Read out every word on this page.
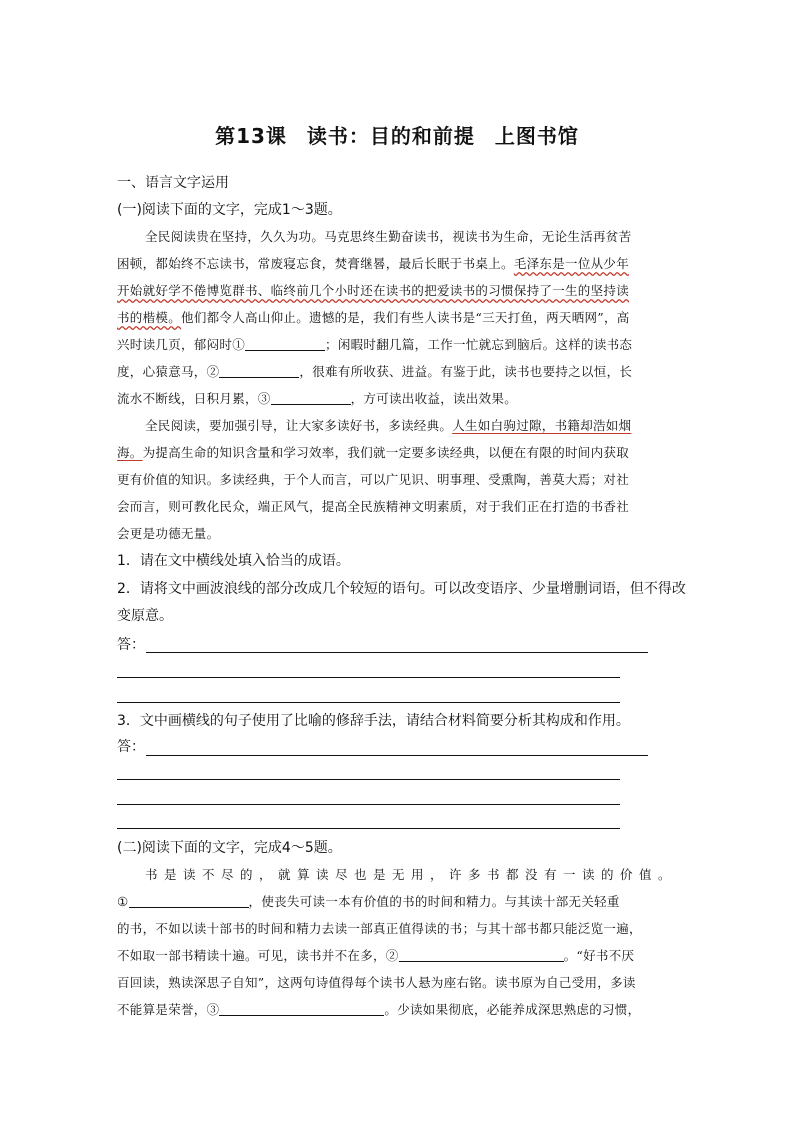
第13课 读书：目的和前提 上图书馆
一、语言文字运用
(一)阅读下面的文字，完成1～3题。
全民阅读贵在坚持，久久为功。马克思终生勤奋读书，视读书为生命，无论生活再贫苦
困顿，都始终不忘读书，常废寝忘食，焚膏继晷，最后长眠于书桌上。毛泽东是一位从少年
开始就好学不倦博览群书、临终前几个小时还在读书的把爱读书的习惯保持了一生的坚持读
书的楷模。他们都令人高山仰止。遗憾的是，我们有些人读书是“三天打鱼，两天晒网”，高
兴时读几页，郁闷时①	；闲暇时翻几篇，工作一忙就忘到脑后。这样的读书态
度，心猿意马，②	，很难有所收获、进益。有鉴于此，读书也要持之以恒，长
流水不断线，日积月累，③	，方可读出收益，读出效果。
全民阅读，要加强引导，让大家多读好书，多读经典。人生如白驹过隙，书籍却浩如烟
海。为提高生命的知识含量和学习效率，我们就一定要多读经典，以便在有限的时间内获取
更有价值的知识。多读经典，于个人而言，可以广见识、明事理、受熏陶，善莫大焉；对社
会而言，则可教化民众，端正风气，提高全民族精神文明素质，对于我们正在打造的书香社
会更是功德无量。
1．请在文中横线处填入恰当的成语。
2．请将文中画波浪线的部分改成几个较短的语句。可以改变语序、少量增删词语，但不得改
变原意。
答：
3．文中画横线的句子使用了比喻的修辞手法，请结合材料简要分析其构成和作用。
答：
(二)阅读下面的文字，完成4～5题。
书是读不尽的，就算读尽也是无用，许多书都没有一读的价值。
①	，使丧失可读一本有价值的书的时间和精力。与其读十部无关轻重
的书，不如以读十部书的时间和精力去读一部真正值得读的书；与其十部书都只能泛览一遍，
不如取一部书精读十遍。可见，读书并不在多，②	。“好书不厌
百回读，熟读深思子自知”，这两句诗值得每个读书人悬为座右铭。读书原为自己受用，多读
不能算是荣誉，③	。少读如果彻底，必能养成深思熟虑的习惯，
